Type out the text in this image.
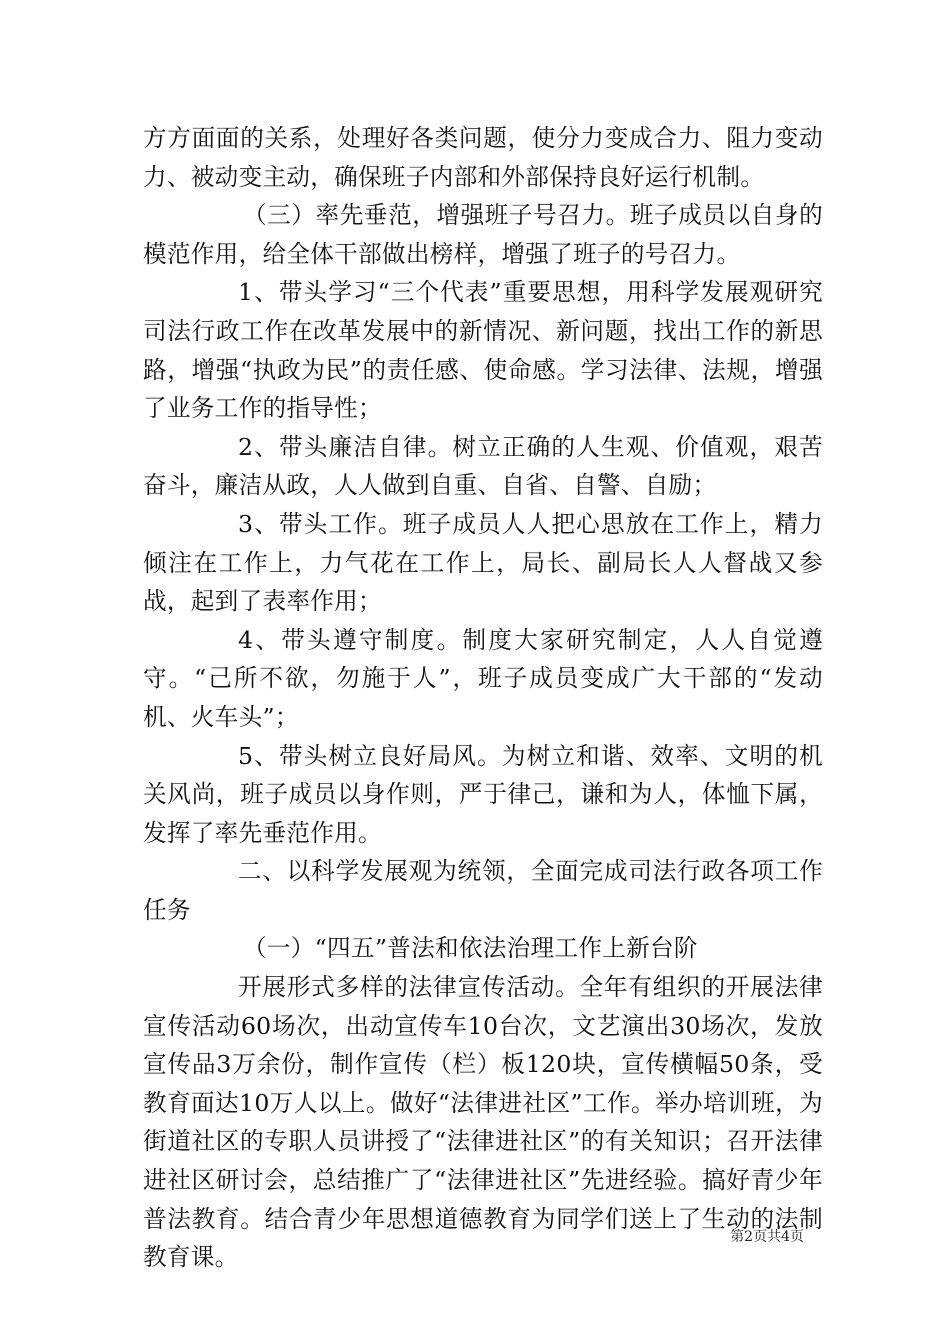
方方面面的关系，处理好各类问题，使分力变成合力、阻力变动力、被动变主动，确保班子内部和外部保持良好运行机制。

（三）率先垂范，增强班子号召力。班子成员以自身的模范作用，给全体干部做出榜样，增强了班子的号召力。

1、带头学习“三个代表”重要思想，用科学发展观研究司法行政工作在改革发展中的新情况、新问题，找出工作的新思路，增强“执政为民”的责任感、使命感。学习法律、法规，增强了业务工作的指导性；

2、带头廉洁自律。树立正确的人生观、价值观，艰苦奋斗，廉洁从政，人人做到自重、自省、自警、自励；

3、带头工作。班子成员人人把心思放在工作上，精力倾注在工作上，力气花在工作上，局长、副局长人人督战又参战，起到了表率作用；

4、带头遵守制度。制度大家研究制定，人人自觉遵守。“己所不欲，勿施于人”，班子成员变成广大干部的“发动机、火车头”；

5、带头树立良好局风。为树立和谐、效率、文明的机关风尚，班子成员以身作则，严于律己，谦和为人，体恤下属，发挥了率先垂范作用。

二、以科学发展观为统领，全面完成司法行政各项工作任务

（一）“四五”普法和依法治理工作上新台阶

开展形式多样的法律宣传活动。全年有组织的开展法律宣传活动60场次，出动宣传车10台次，文艺演出30场次，发放宣传品3万余份，制作宣传（栏）板120块，宣传横幅50条，受教育面达10万人以上。做好“法律进社区”工作。举办培训班，为街道社区的专职人员讲授了“法律进社区”的有关知识；召开法律进社区研讨会，总结推广了“法律进社区”先进经验。搞好青少年普法教育。结合青少年思想道德教育为同学们送上了生动的法制教育课。

第2页共4页
